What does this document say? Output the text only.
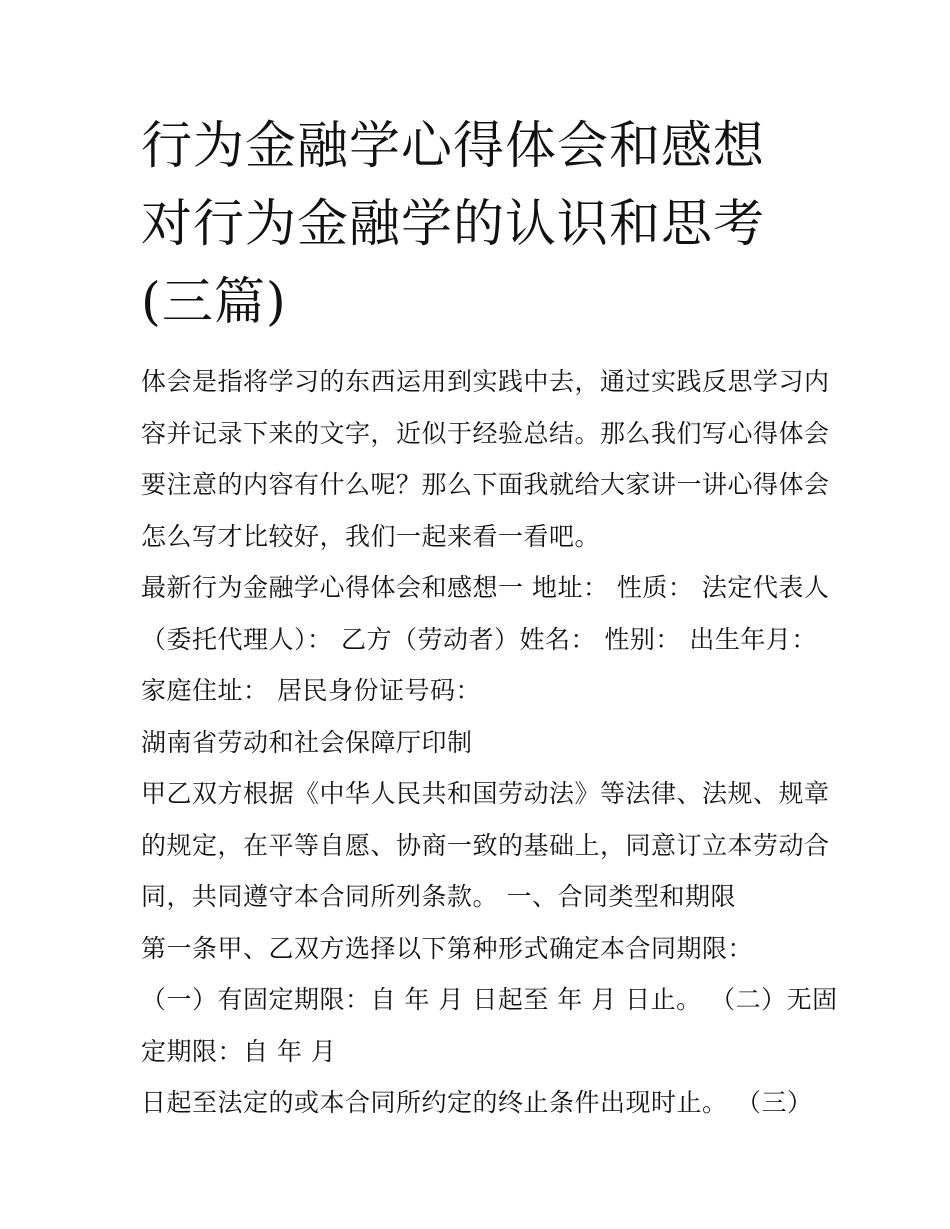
行为金融学心得体会和感想 对行为金融学的认识和思考(三篇)

体会是指将学习的东西运用到实践中去，通过实践反思学习内

容并记录下来的文字，近似于经验总结。那么我们写心得体会

要注意的内容有什么呢？那么下面我就给大家讲一讲心得体会

怎么写才比较好，我们一起来看一看吧。

最新行为金融学心得体会和感想一 地址： 性质： 法定代表人

（委托代理人）： 乙方（劳动者）姓名： 性别： 出生年月：

家庭住址： 居民身份证号码：

湖南省劳动和社会保障厅印制

甲乙双方根据《中华人民共和国劳动法》等法律、法规、规章

的规定，在平等自愿、协商一致的基础上，同意订立本劳动合

同，共同遵守本合同所列条款。 一、合同类型和期限

第一条甲、乙双方选择以下第种形式确定本合同期限：

（一）有固定期限：自 年 月 日起至 年 月 日止。 （二）无固

定期限：自 年 月

日起至法定的或本合同所约定的终止条件出现时止。 （三）
